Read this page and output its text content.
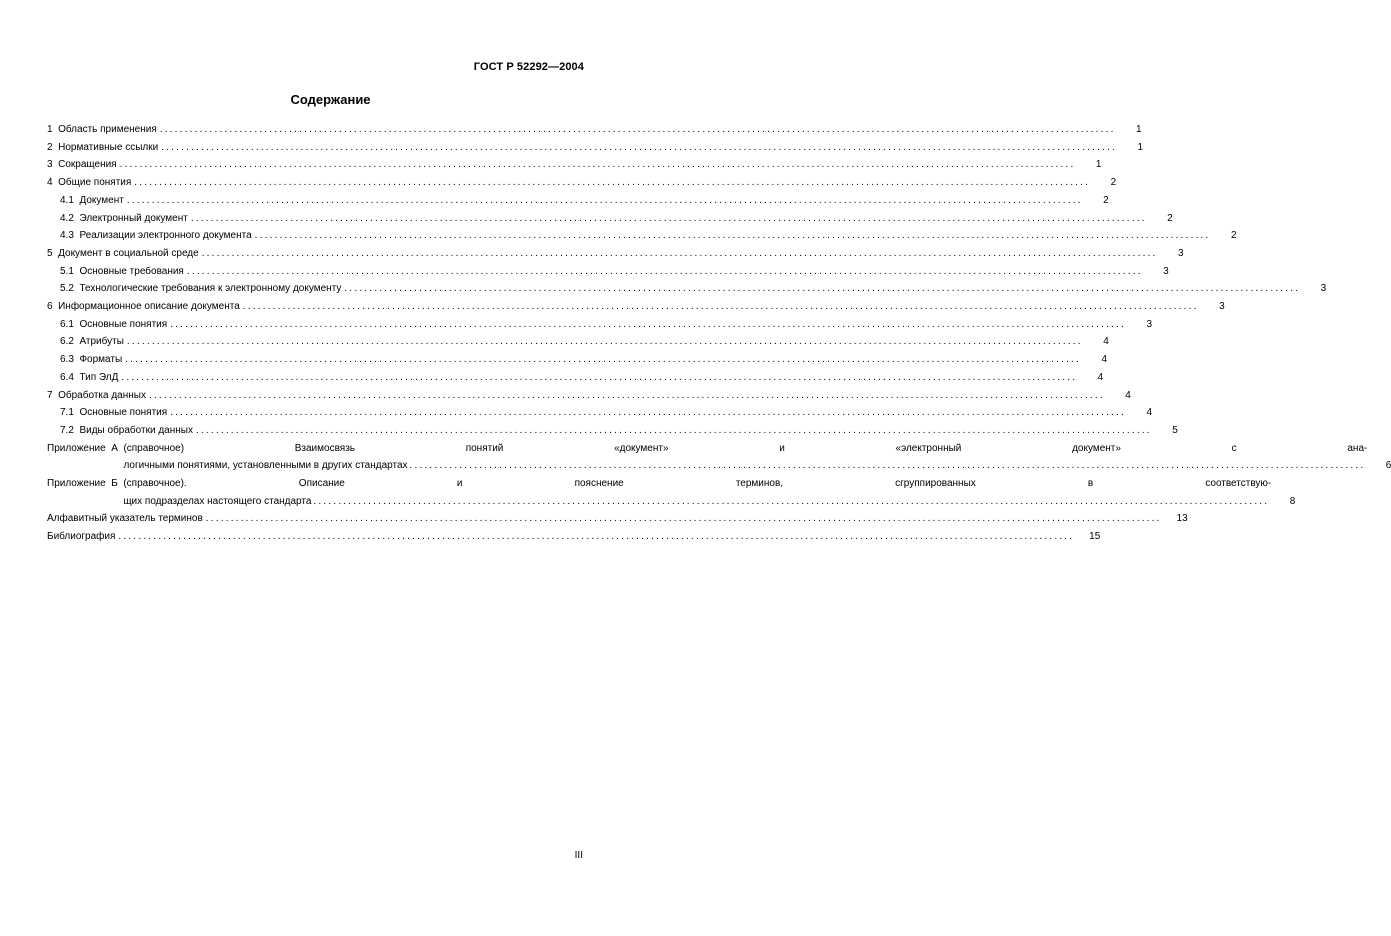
ГОСТ Р 52292—2004
Содержание
1  Область применения .....	1
2  Нормативные ссылки .....	1
3  Сокращения .....	1
4  Общие понятия .....	2
4.1  Документ .....	2
4.2  Электронный документ .....	2
4.3  Реализации электронного документа .....	2
5  Документ в социальной среде .....	3
5.1  Основные требования .....	3
5.2  Технологические требования к электронному документу .....	3
6  Информационное описание документа .....	3
6.1  Основные понятия .....	3
6.2  Атрибуты .....	4
6.3  Форматы .....	4
6.4  Тип ЭлД .....	4
7  Обработка данных .....	4
7.1  Основные понятия .....	4
7.2  Виды обработки данных .....	5
Приложение  А (справочное) Взаимосвязь понятий «документ» и «электронный документ» с ана-
логичными понятиями, установленными в других стандартах .....	6
Приложение  Б (справочное). Описание и пояснение терминов, сгруппированных в соответствую-
щих подразделах настоящего стандарта .....	8
Алфавитный указатель терминов .....	13
Библиография .....	15
III
